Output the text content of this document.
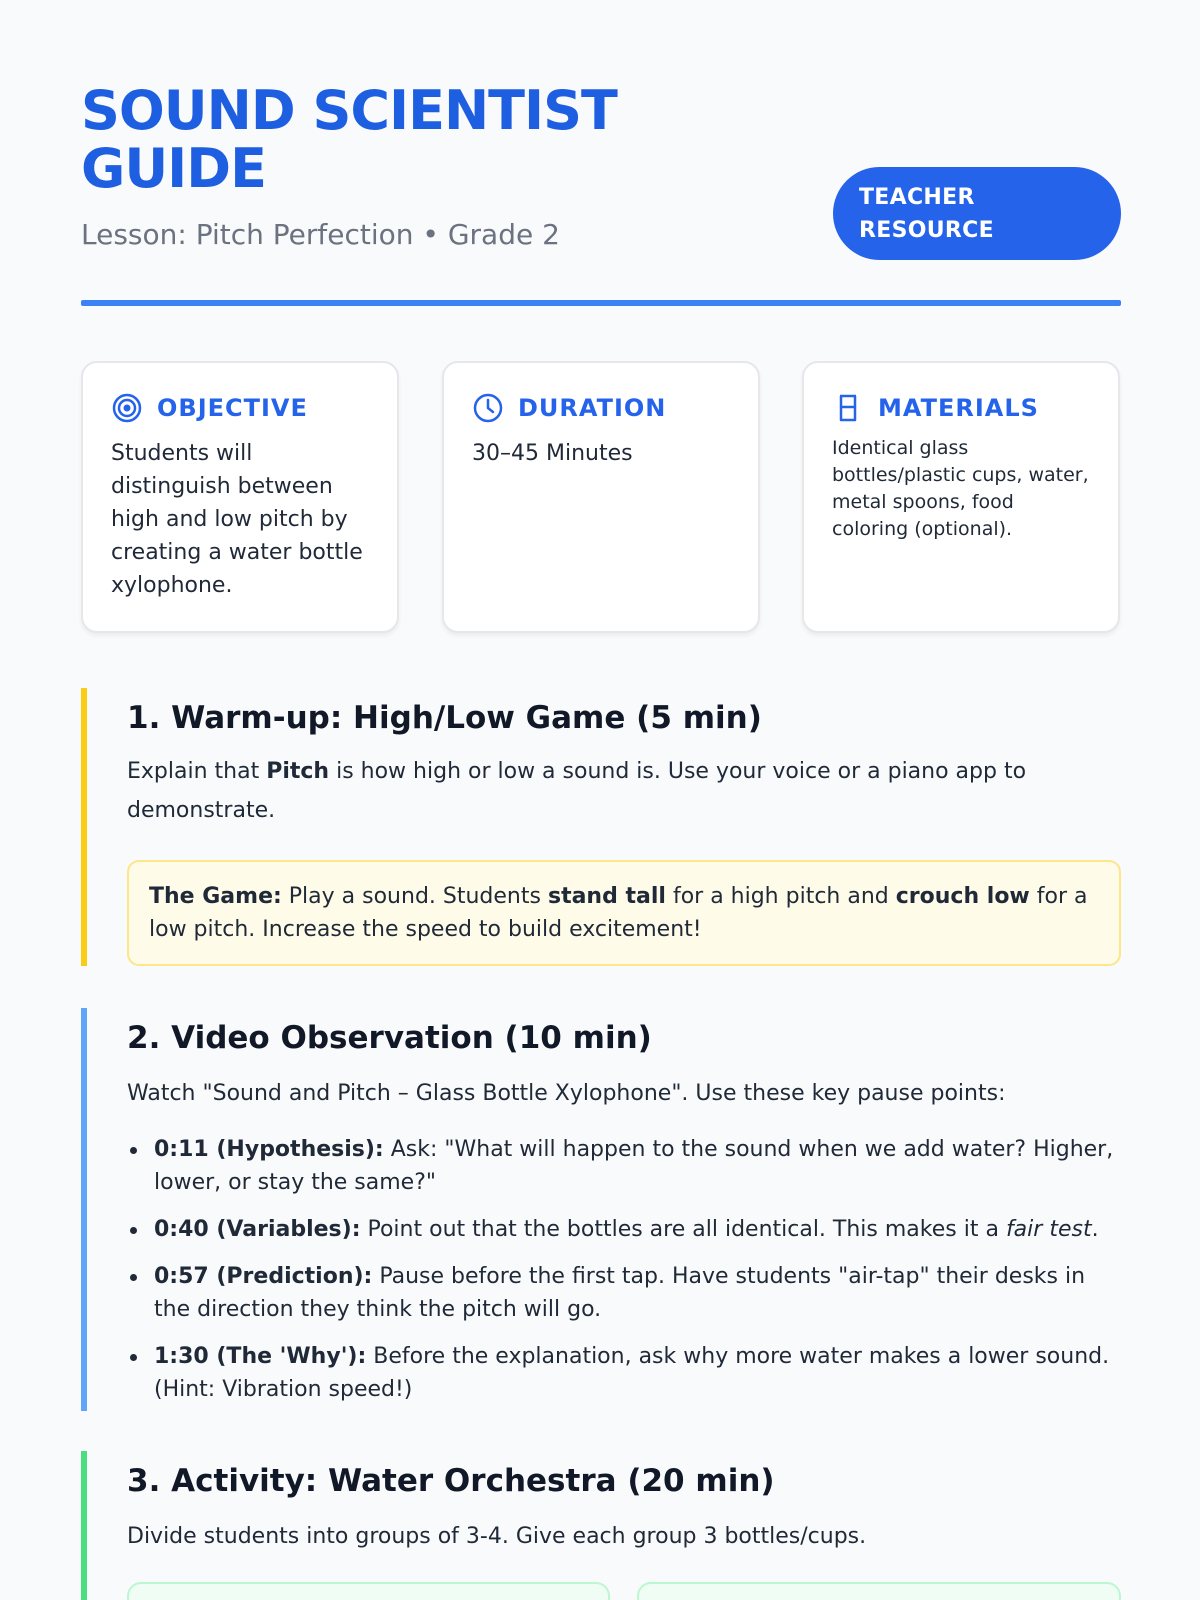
SOUND SCIENTIST GUIDE
Lesson: Pitch Perfection • Grade 2
TEACHER RESOURCE
OBJECTIVE
Students will distinguish between high and low pitch by creating a water bottle xylophone.
DURATION
30–45 Minutes
MATERIALS
Identical glass bottles/plastic cups, water, metal spoons, food coloring (optional).
1. Warm-up: High/Low Game (5 min)

Explain that Pitch is how high or low a sound is. Use your voice or a piano app to demonstrate.

The Game: Play a sound. Students stand tall for a high pitch and crouch low for a low pitch. Increase the speed to build excitement!
2. Video Observation (10 min)

Watch "Sound and Pitch – Glass Bottle Xylophone". Use these key pause points:

0:11 (Hypothesis): Ask: "What will happen to the sound when we add water? Higher, lower, or stay the same?"
0:40 (Variables): Point out that the bottles are all identical. This makes it a fair test.
0:57 (Prediction): Pause before the first tap. Have students "air-tap" their desks in the direction they think the pitch will go.
1:30 (The 'Why'): Before the explanation, ask why more water makes a lower sound. (Hint: Vibration speed!)
3. Activity: Water Orchestra (20 min)

Divide students into groups of 3-4. Give each group 3 bottles/cups.
